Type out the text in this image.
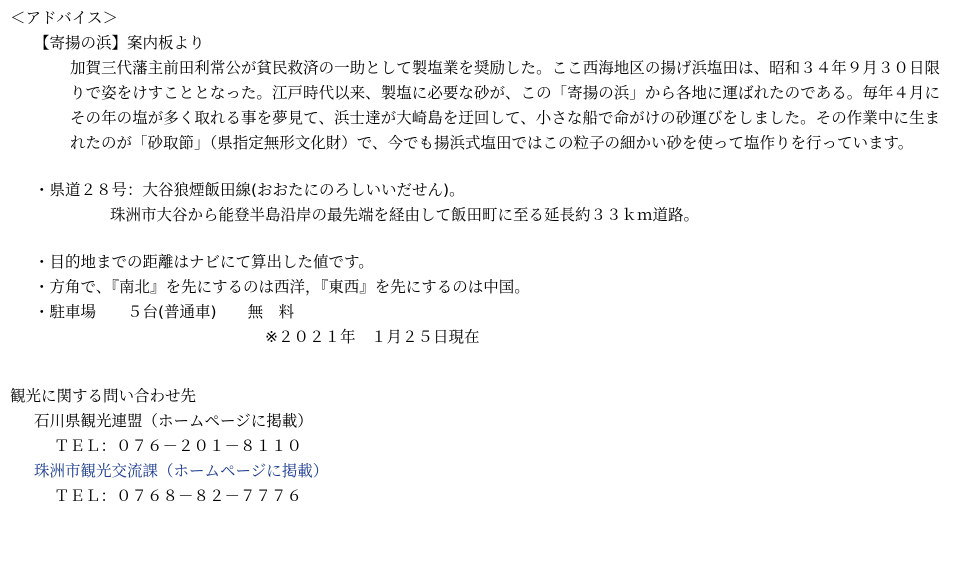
＜アドバイス＞
【寄揚の浜】案内板より
加賀三代藩主前田利常公が貧民救済の一助として製塩業を奨励した。ここ西海地区の揚げ浜塩田は、昭和３４年９月３０日限りで姿をけすこととなった。江戸時代以来、製塩に必要な砂が、この「寄揚の浜」から各地に運ばれたのである。毎年４月にその年の塩が多く取れる事を夢見て、浜士達が大崎島を迂回して、小さな船で命がけの砂運びをしました。その作業中に生まれたのが「砂取節」（県指定無形文化財）で、今でも揚浜式塩田ではこの粒子の細かい砂を使って塩作りを行っています。
・県道２８号：大谷狼煙飯田線(おおたにのろしいいだせん)。
珠洲市大谷から能登半島沿岸の最先端を経由して飯田町に至る延長約３３ｋｍ道路。
・目的地までの距離はナビにて算出した値です。
・方角で、『南北』を先にするのは西洋，『東西』を先にするのは中国。
・駐車場　　５台(普通車)　　無　料
※２０２１年　１月２５日現在
観光に関する問い合わせ先
石川県観光連盟（ホームページに掲載）
ＴＥＬ：０７６－２０１－８１１０
珠洲市観光交流課（ホームページに掲載）
ＴＥＬ：０７６８－８２－７７７６
